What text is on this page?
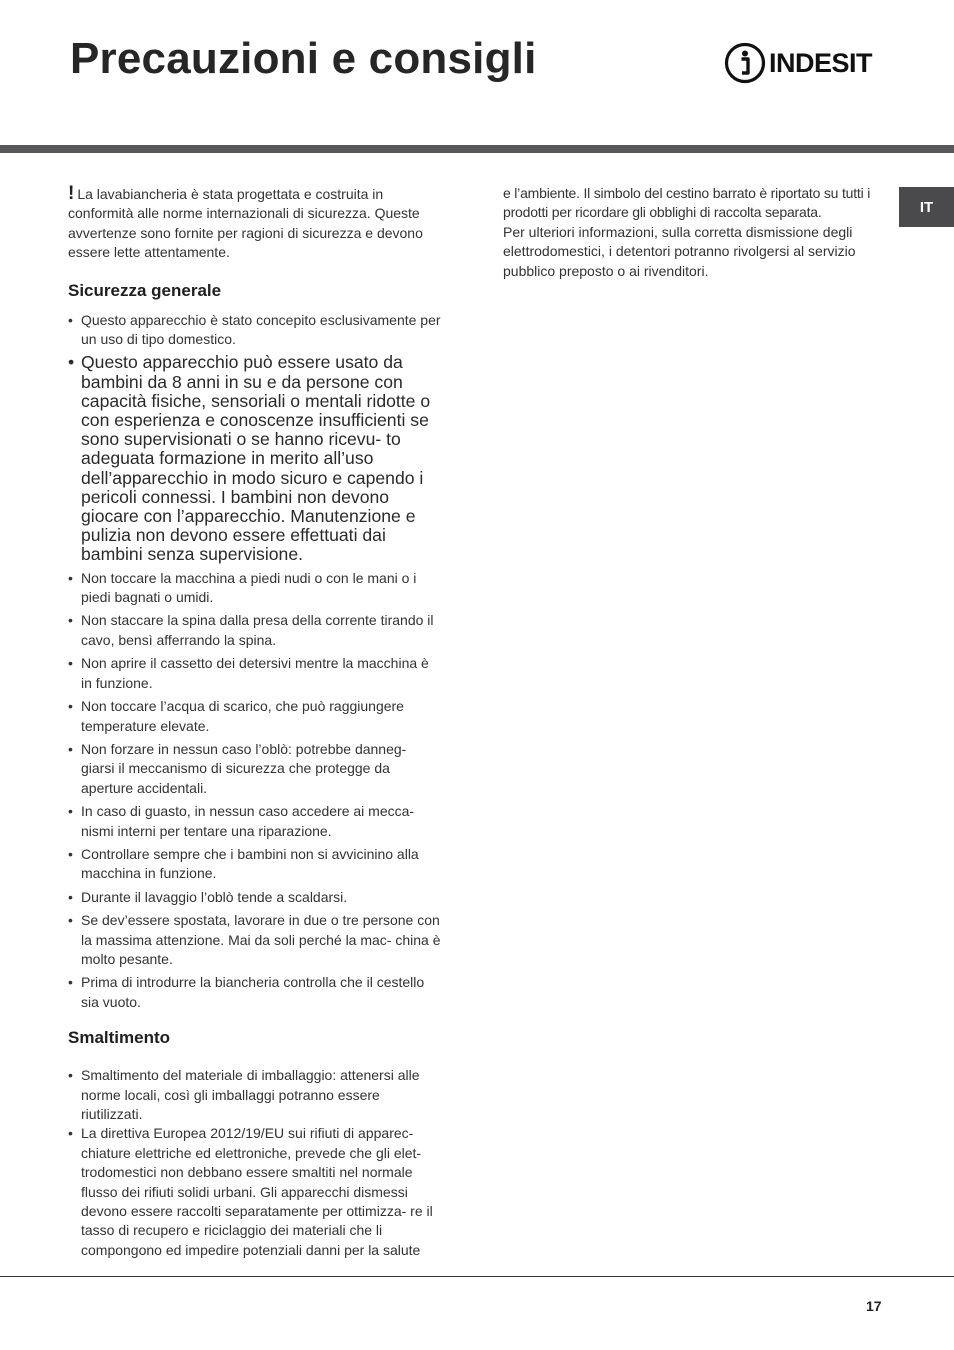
Precauzioni e consigli	INDESIT
IT

! La lavabiancheria è stata progettata e costruita in conformità alle norme internazionali di sicurezza. Queste avvertenze sono fornite per ragioni di sicurezza e devono essere lette attentamente.

Sicurezza generale
• Questo apparecchio è stato concepito esclusivamente per un uso di tipo domestico.
• Questo apparecchio può essere usato da bambini da 8 anni in su e da persone con capacità fisiche, sensoriali o mentali ridotte o con esperienza e conoscenze insufficienti se sono supervisionati o se hanno ricevu- to adeguata formazione in merito all’uso dell’apparecchio in modo sicuro e capendo i pericoli connessi. I bambini non devono giocare con l’apparecchio. Manutenzione e pulizia non devono essere effettuati dai bambini senza supervisione.
• Non toccare la macchina a piedi nudi o con le mani o i piedi bagnati o umidi.
• Non staccare la spina dalla presa della corrente tirando il cavo, bensì afferrando la spina.
• Non aprire il cassetto dei detersivi mentre la macchina è in funzione.
• Non toccare l’acqua di scarico, che può raggiungere temperature elevate.
• Non forzare in nessun caso l’oblò: potrebbe danneg- giarsi il meccanismo di sicurezza che protegge da aperture accidentali.
• In caso di guasto, in nessun caso accedere ai mecca- nismi interni per tentare una riparazione.
• Controllare sempre che i bambini non si avvicinino alla macchina in funzione.
• Durante il lavaggio l’oblò tende a scaldarsi.
• Se dev’essere spostata, lavorare in due o tre persone con la massima attenzione. Mai da soli perché la mac- china è molto pesante.
• Prima di introdurre la biancheria controlla che il cestello sia vuoto.
Smaltimento
• Smaltimento del materiale di imballaggio: attenersi alle norme locali, così gli imballaggi potranno essere riutilizzati.
• La direttiva Europea 2012/19/EU sui rifiuti di apparec- chiature elettriche ed elettroniche, prevede che gli elet- trodomestici non debbano essere smaltiti nel normale flusso dei rifiuti solidi urbani. Gli apparecchi dismessi devono essere raccolti separatamente per ottimizza- re il tasso di recupero e riciclaggio dei materiali che li compongono ed impedire potenziali danni per la salute

e l’ambiente. Il simbolo del cestino barrato è riportato su tutti i prodotti per ricordare gli obblighi di raccolta separata.

Per ulteriori informazioni, sulla corretta dismissione degli elettrodomestici, i detentori potranno rivolgersi al servizio pubblico preposto o ai rivenditori.

17
